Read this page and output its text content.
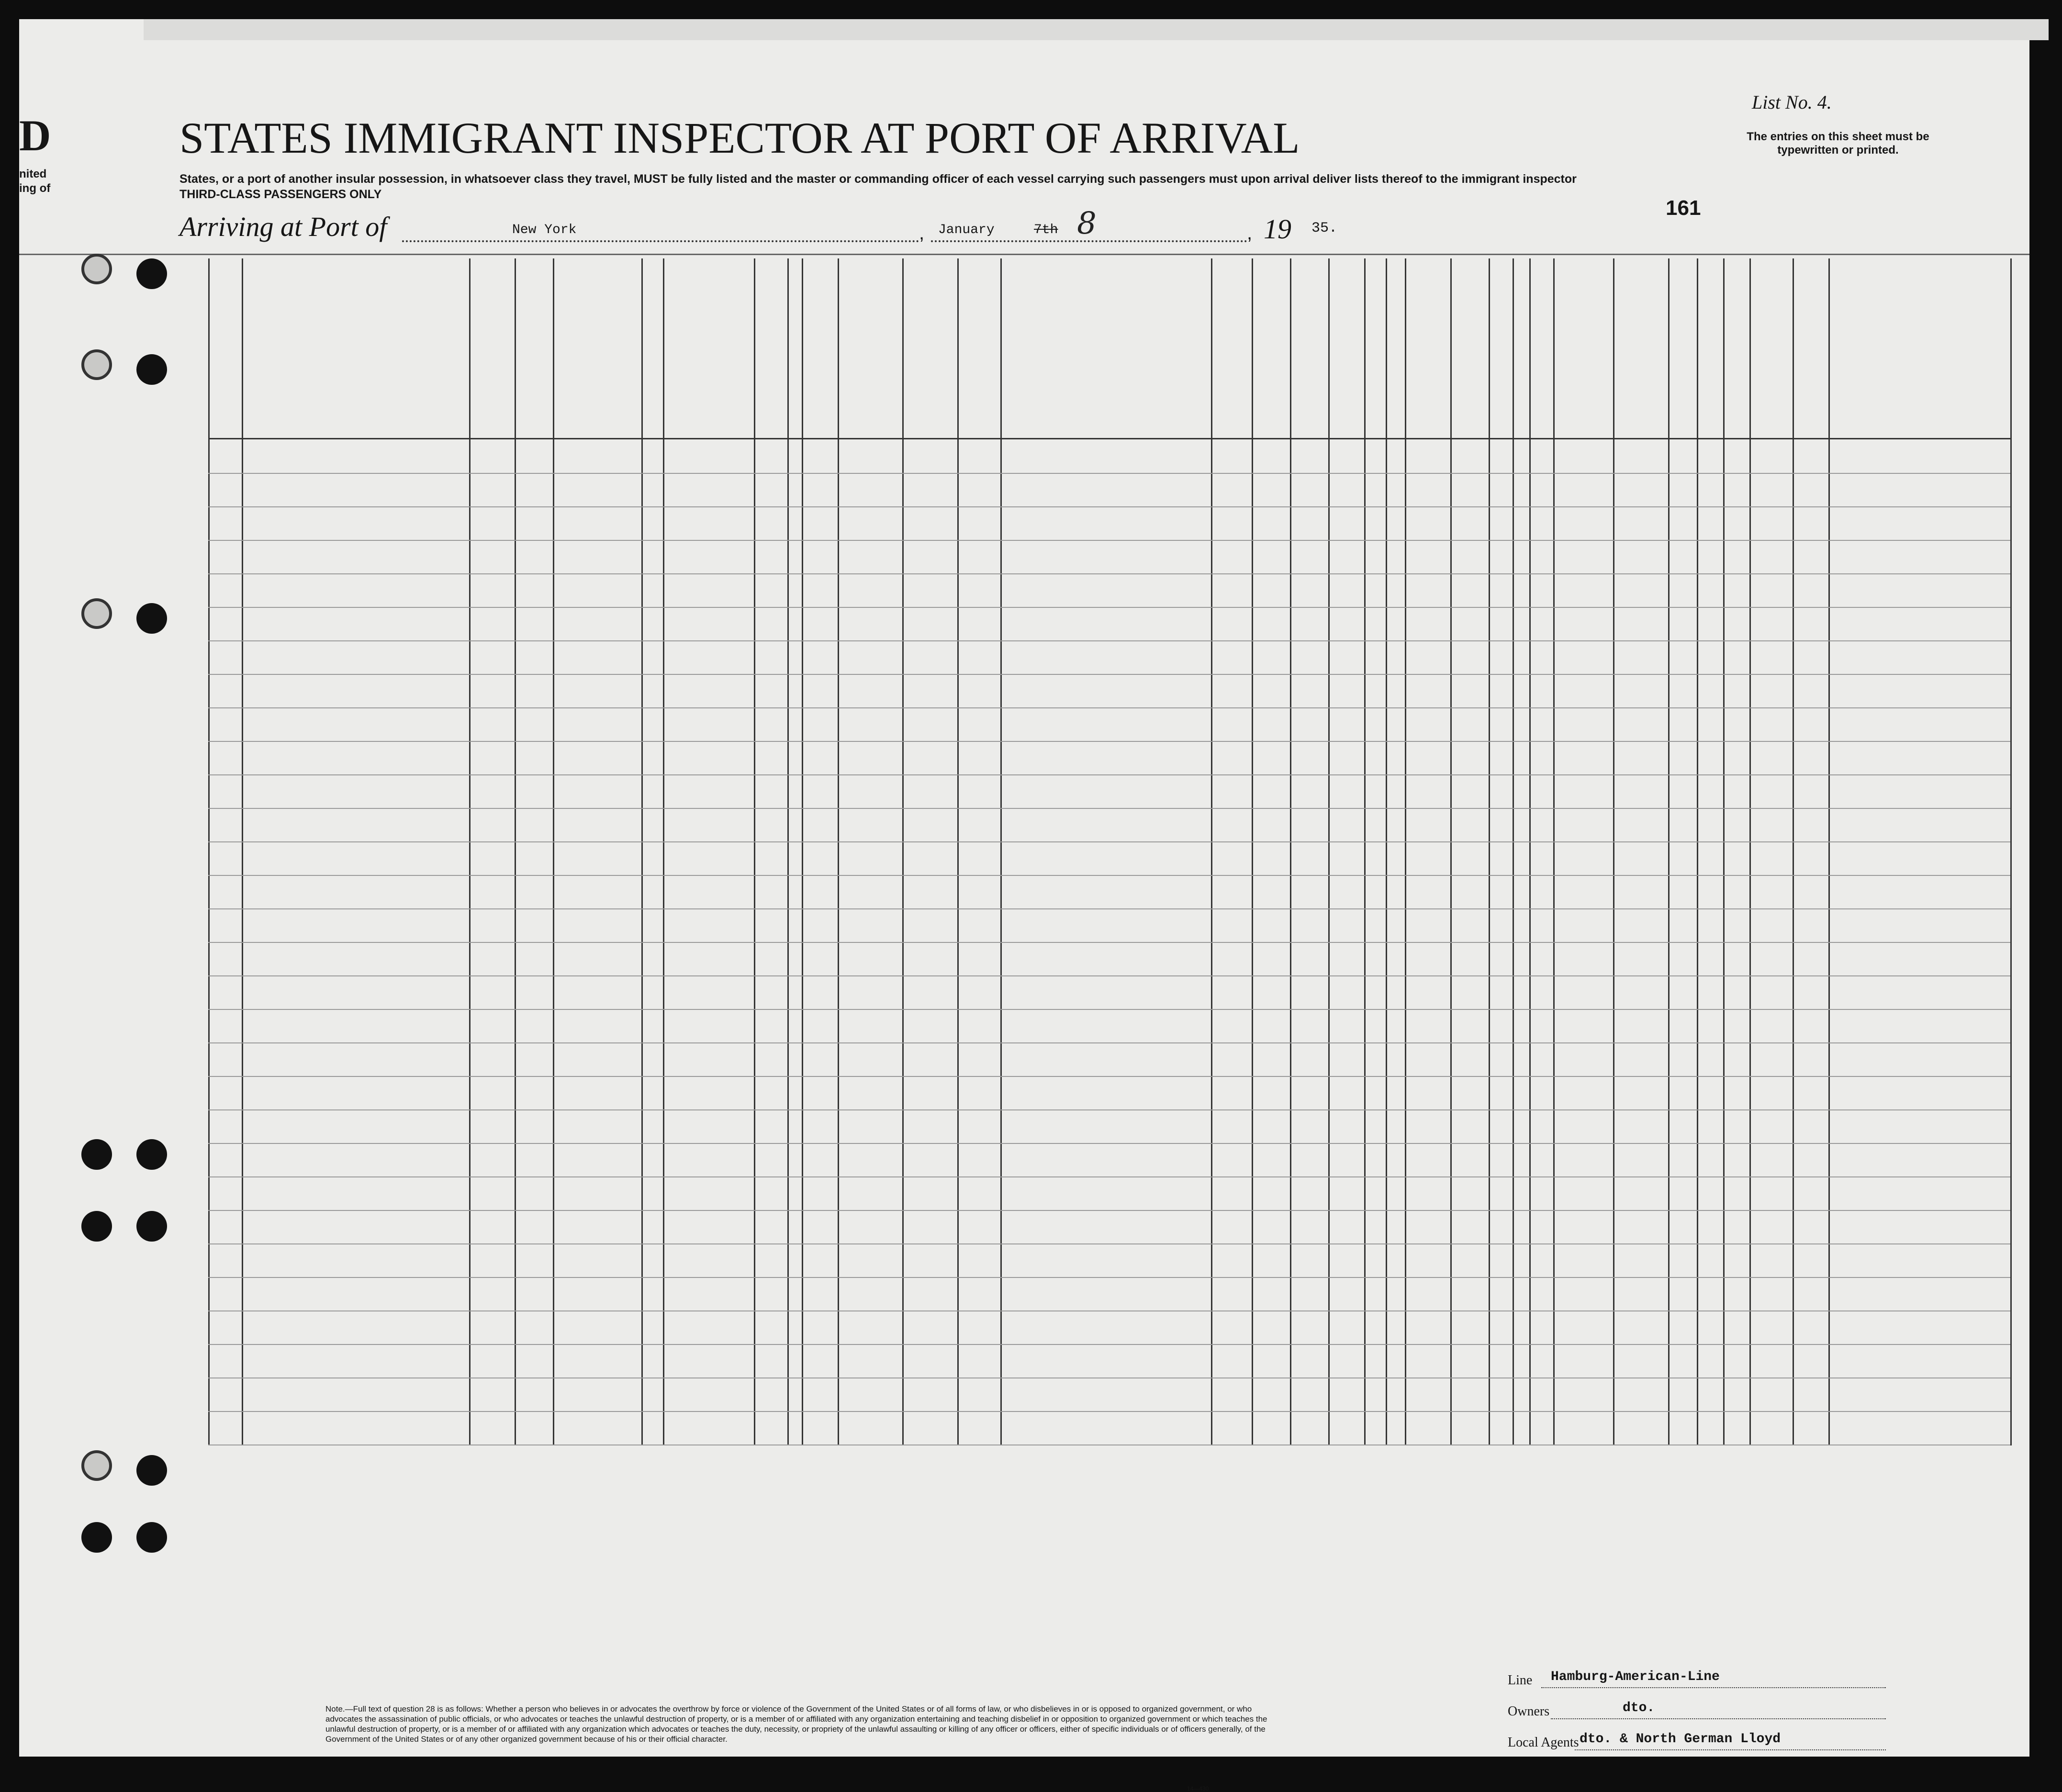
D	STATES IMMIGRANT INSPECTOR AT PORT OF ARRIVAL
States, or a port of another insular possession, in whatsoever class they travel, MUST be fully listed and the master or commanding officer of each vessel carrying such passengers must upon arrival deliver lists thereof to the immigrant inspector
THIRD-CLASS PASSENGERS ONLY
nited
ing of
List No. 4.
The entries on this sheet must be typewritten or printed.
161
Arriving at Port of	New York	, January	7th 8	, 19 35.
Note.—Full text of question 28 is as follows: Whether a person who believes in or advocates the overthrow by force or violence of the Government of the United States or of all forms of law, or who disbelieves in or is opposed to organized government, or who advocates the assassination of public officials, or who advocates or teaches the unlawful destruction of property, or is a member of or affiliated with any organization entertaining and teaching disbelief in or opposition to organized government or which teaches the unlawful destruction of property, or is a member of or affiliated with any organization which advocates or teaches the duty, necessity, or propriety of the unlawful assaulting or killing of any officer or officers, either of specific individuals or of officers generally, of the Government of the United States or of any other organized government because of his or their official character.
14—430
Line Hamburg-American-Line
Owners	dto.
Local Agents dto. & North German Lloyd
